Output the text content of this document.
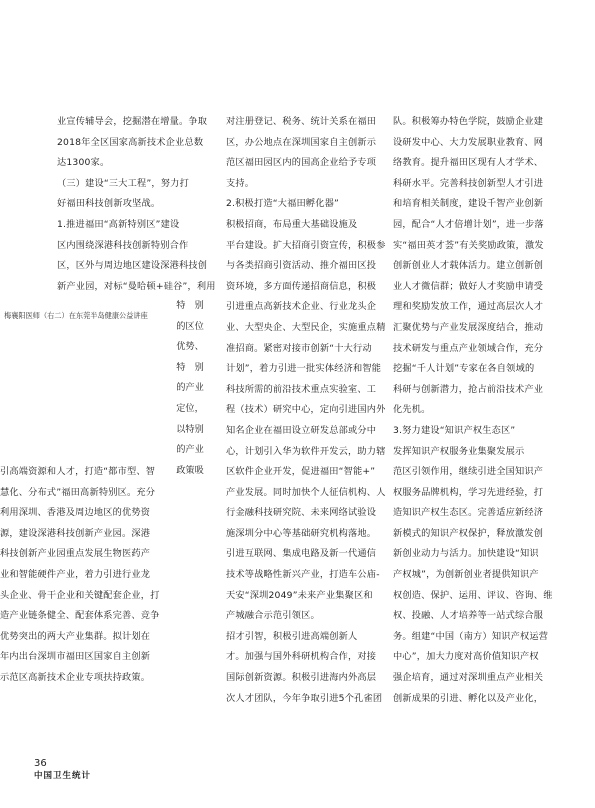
业宣传辅导会，挖掘潜在增量。争取

2018年全区国家高新技术企业总数

达1300家。

（三）建设“三大工程”，努力打

好福田科技创新攻坚战。

1.推进福田“高新特别区”建设

区内围绕深港科技创新特别合作

区，区外与周边地区建设深港科技创

新产业园，对标“曼哈顿+硅谷”，利用

梅襄阳医师（右二）在东莞半岛健康公益讲座

特　别

的区位

优势、

特　别

的产业

定位，

以特别

的产业

政策吸

引高端资源和人才，打造“都市型、智

慧化、分布式”福田高新特别区。充分

利用深圳、香港及周边地区的优势资

源，建设深港科技创新产业园。深港

科技创新产业园重点发展生物医药产

业和智能硬件产业，着力引进行业龙

头企业、骨干企业和关键配套企业，打

造产业链条健全、配套体系完善、竞争

优势突出的两大产业集群。拟计划在

年内出台深圳市福田区国家自主创新

示范区高新技术企业专项扶持政策。

对注册登记、税务、统计关系在福田

区，办公地点在深圳国家自主创新示

范区福田园区内的国高企业给予专项

支持。

2.积极打造“大福田孵化器”

积极招商，布局重大基础设施及

平台建设。扩大招商引资宣传，积极参

与各类招商引资活动、推介福田区投

资环境，多方面传递招商信息，积极

引进重点高新技术企业、行业龙头企

业、大型央企、大型民企，实施重点精

准招商。紧密对接市创新“十大行动

计划”，着力引进一批实体经济和智能

科技所需的前沿技术重点实验室、工

程（技术）研究中心，定向引进国内外

知名企业在福田设立研发总部或分中

心，计划引入华为软件开发云，助力辖

区软件企业开发，促进福田“智能+”

产业发展。同时加快个人征信机构、人

行金融科技研究院、未来网络试验设

施深圳分中心等基础研究机构落地。

引进互联网、集成电路及新一代通信

技术等战略性新兴产业，打造车公庙-

天安“深圳2049”未来产业集聚区和

产城融合示范引领区。

招才引智，积极引进高端创新人

才。加强与国外科研机构合作，对接

国际创新资源。积极引进海内外高层

次人才团队，今年争取引进5个孔雀团

队。积极筹办特色学院，鼓励企业建

设研发中心、大力发展职业教育、网

络教育。提升福田区现有人才学术、

科研水平。完善科技创新型人才引进

和培育相关制度，建设千智产业创新

园，配合“人才倍增计划”，进一步落

实“福田英才荟”有关奖励政策，激发

创新创业人才载体活力。建立创新创

业人才微信群；做好人才奖励申请受

理和奖励发放工作，通过高层次人才

汇聚优势与产业发展深度结合，推动

技术研发与重点产业领域合作，充分

挖掘“千人计划”专家在各自领域的

科研与创新潜力，抢占前沿技术产业

化先机。

3.努力建设“知识产权生态区”

发挥知识产权服务业集聚发展示

范区引领作用，继续引进全国知识产

权服务品牌机构，学习先进经验，打

造知识产权生态区。完善适应新经济

新模式的知识产权保护，释放激发创

新创业动力与活力。加快建设“知识

产权城”，为创新创业者提供知识产

权创造、保护、运用、评议、咨询、维

权、投融、人才培养等一站式综合服

务。组建“中国（南方）知识产权运营

中心”，加大力度对高价值知识产权

强企培育，通过对深圳重点产业相关

创新成果的引进、孵化以及产业化，

36
中国卫生统计
